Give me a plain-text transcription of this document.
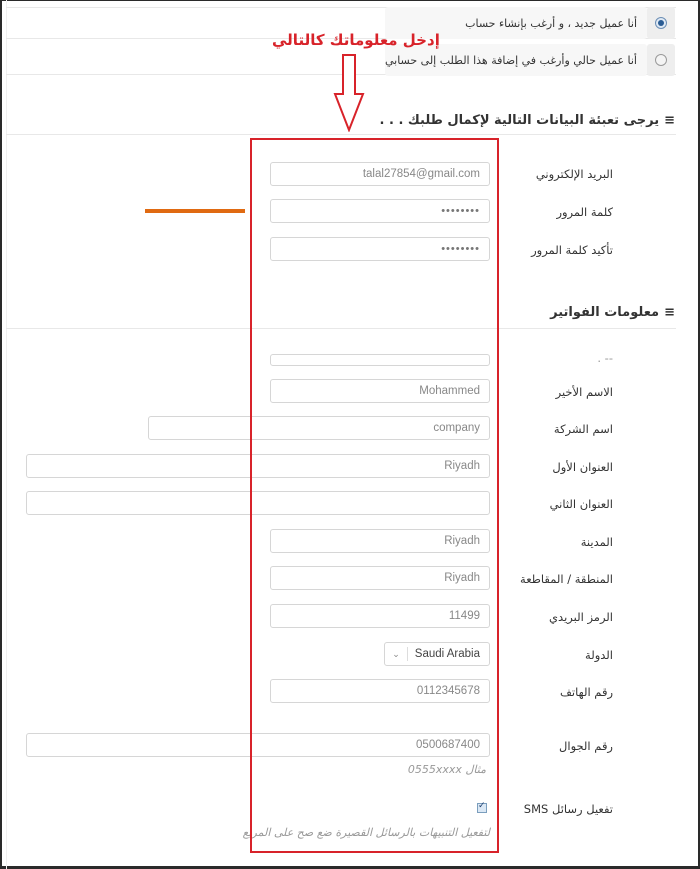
أنا عميل جديد ، و أرغب بإنشاء حساب
أنا عميل حالي وأرغب في إضافة هذا الطلب إلى حسابي
≡يرجى تعبئة البيانات التالية لإكمال طلبك . . .
البريد الإلكتروني
talal27854@gmail.com
كلمة المرور
••••••••
تأكيد كلمة المرور
••••••••
≡معلومات الفواتير
-- .
الاسم الأخير
Mohammed
اسم الشركة
company
العنوان الأول
Riyadh
العنوان الثاني
المدينة
Riyadh
المنطقة / المقاطعة
Riyadh
الرمز البريدي
11499
الدولة
⌄	Saudi Arabia
رقم الهاتف
0112345678
رقم الجوال
0500687400
مثال 0555xxxx
تفعيل رسائل SMS
✓
لتفعيل التنبيهات بالرسائل القصيرة ضع صح على المربع
إدخل معلوماتك كالتالي
